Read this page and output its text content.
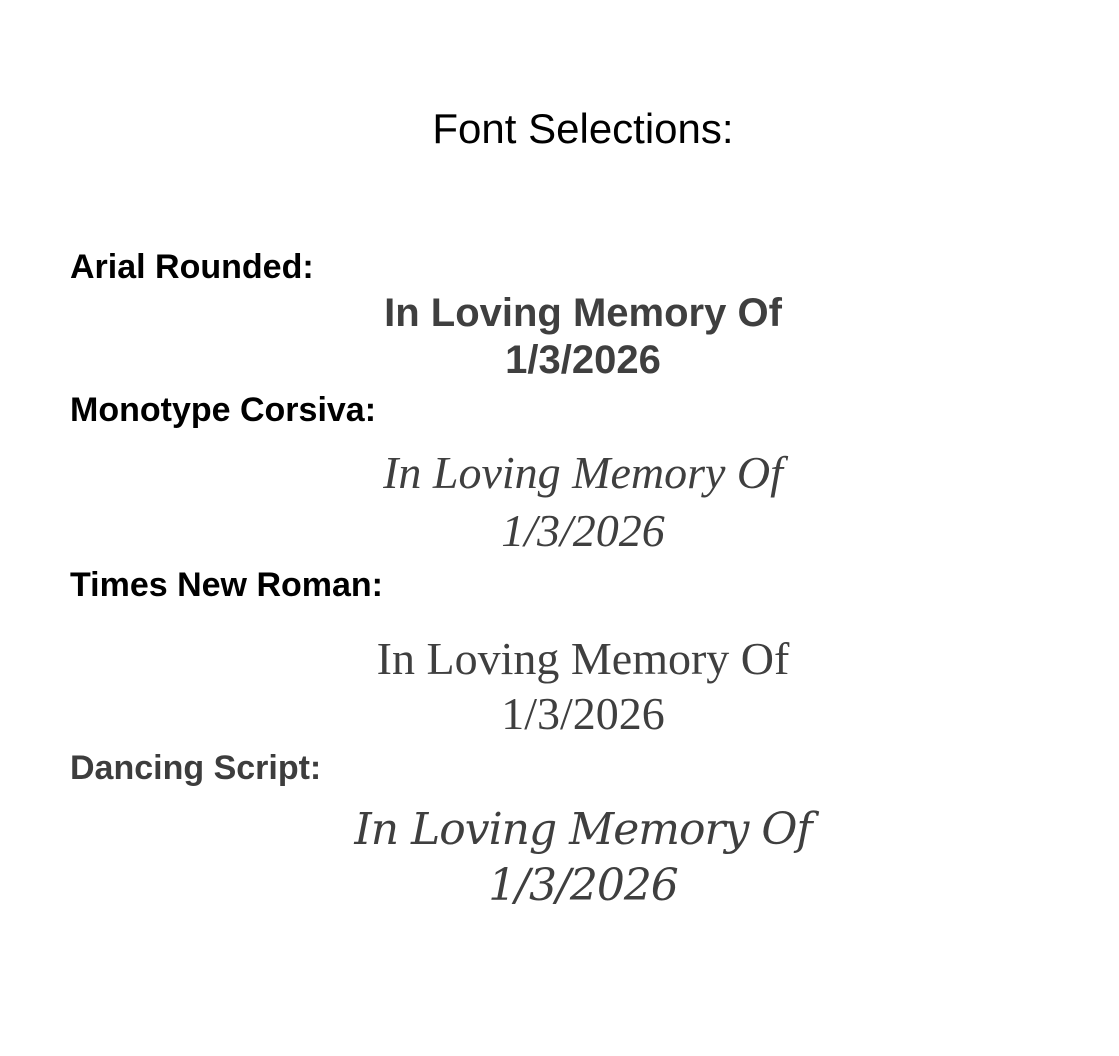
Font Selections:
Arial Rounded:
In Loving Memory Of
1/3/2026
Monotype Corsiva:
In Loving Memory Of
1/3/2026
Times New Roman:
In Loving Memory Of
1/3/2026
Dancing Script:
In Loving Memory Of
1/3/2026
